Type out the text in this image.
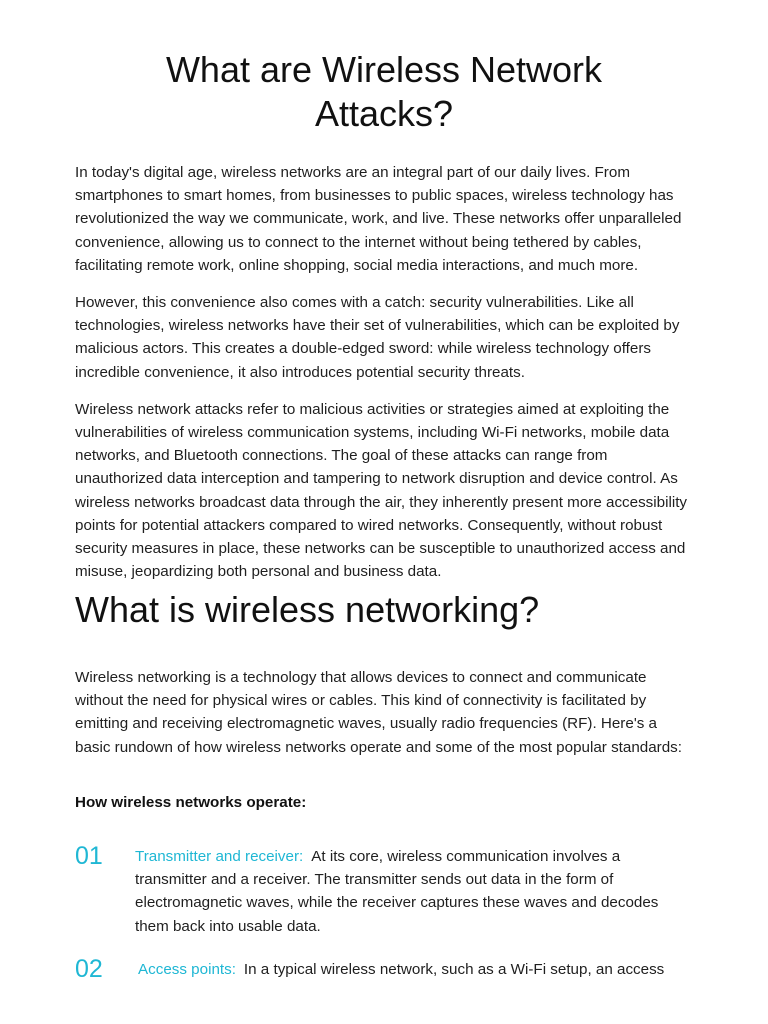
What are Wireless Network Attacks?

In today's digital age, wireless networks are an integral part of our daily lives. From smartphones to smart homes, from businesses to public spaces, wireless technology has revolutionized the way we communicate, work, and live. These networks offer unparalleled convenience, allowing us to connect to the internet without being tethered by cables, facilitating remote work, online shopping, social media interactions, and much more.

However, this convenience also comes with a catch: security vulnerabilities. Like all technologies, wireless networks have their set of vulnerabilities, which can be exploited by malicious actors. This creates a double-edged sword: while wireless technology offers incredible convenience, it also introduces potential security threats.

Wireless network attacks refer to malicious activities or strategies aimed at exploiting the vulnerabilities of wireless communication systems, including Wi-Fi networks, mobile data networks, and Bluetooth connections. The goal of these attacks can range from unauthorized data interception and tampering to network disruption and device control. As wireless networks broadcast data through the air, they inherently present more accessibility points for potential attackers compared to wired networks. Consequently, without robust security measures in place, these networks can be susceptible to unauthorized access and misuse, jeopardizing both personal and business data.

What is wireless networking?

Wireless networking is a technology that allows devices to connect and communicate without the need for physical wires or cables. This kind of connectivity is facilitated by emitting and receiving electromagnetic waves, usually radio frequencies (RF). Here's a basic rundown of how wireless networks operate and some of the most popular standards:

How wireless networks operate:

01 Transmitter and receiver: At its core, wireless communication involves a transmitter and a receiver. The transmitter sends out data in the form of electromagnetic waves, while the receiver captures these waves and decodes them back into usable data.

02 Access points: In a typical wireless network, such as a Wi-Fi setup, an access
